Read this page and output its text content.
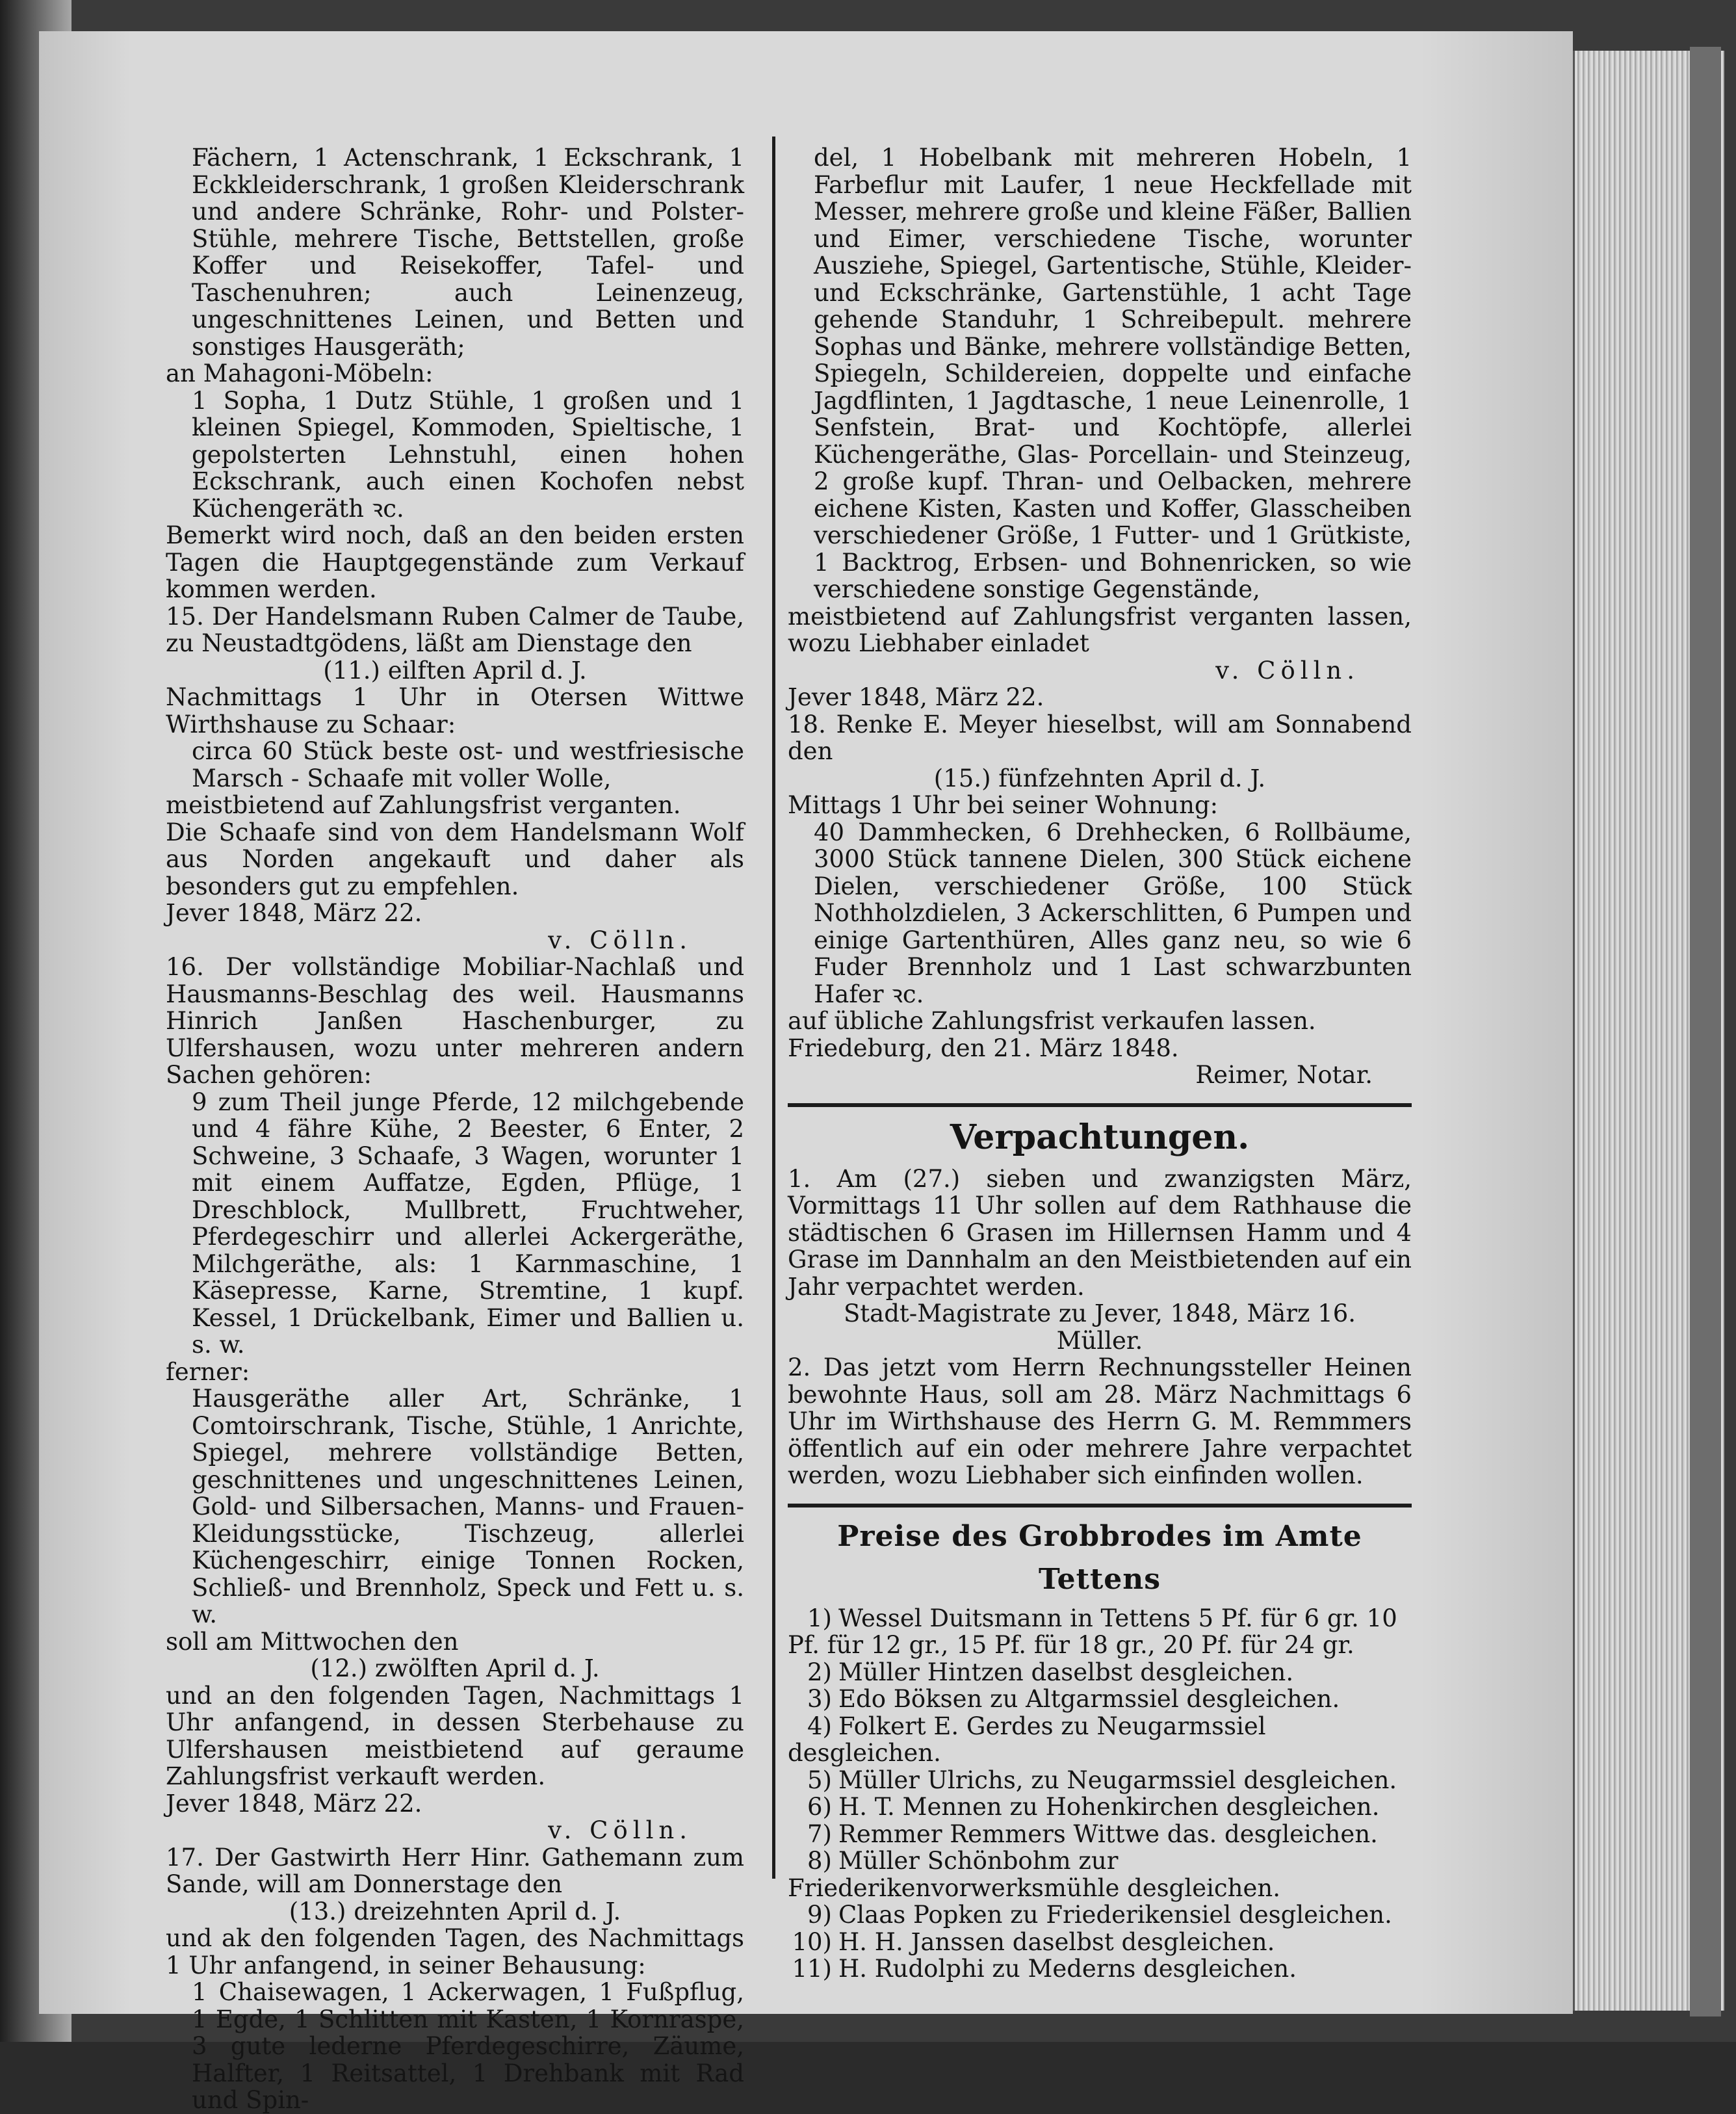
Fächern, 1 Actenschrank, 1 Eckschrank, 1 Eckkleiderschrank, 1 großen Kleiderschrank und andere Schränke, Rohr- und Polster-Stühle, mehrere Tische, Bettstellen, große Koffer und Reisekoffer, Tafel- und Taschenuhren; auch Leinenzeug, ungeschnittenes Leinen, und Betten und sonstiges Hausgeräth;

an Mahagoni-Möbeln:

1 Sopha, 1 Dutz Stühle, 1 großen und 1 kleinen Spiegel, Kommoden, Spieltische, 1 gepolsterten Lehnstuhl, einen hohen Eckschrank, auch einen Kochofen nebst Küchengeräth ꝛc.

Bemerkt wird noch, daß an den beiden ersten Tagen die Hauptgegenstände zum Verkauf kommen werden.

15. Der Handelsmann Ruben Calmer de Taube, zu Neustadtgödens, läßt am Dienstage den

(11.) eilften April d. J.

Nachmittags 1 Uhr in Otersen Wittwe Wirthshause zu Schaar:

circa 60 Stück beste ost- und westfriesische Marsch - Schaafe mit voller Wolle,

meistbietend auf Zahlungsfrist verganten.

Die Schaafe sind von dem Handelsmann Wolf aus Norden angekauft und daher als besonders gut zu empfehlen.

Jever 1848, März 22.

v. Cölln.

16. Der vollständige Mobiliar-Nachlaß und Hausmanns-Beschlag des weil. Hausmanns Hinrich Janßen Haschenburger, zu Ulfershausen, wozu unter mehreren andern Sachen gehören:

9 zum Theil junge Pferde, 12 milchgebende und 4 fähre Kühe, 2 Beester, 6 Enter, 2 Schweine, 3 Schaafe, 3 Wagen, worunter 1 mit einem Auffatze, Egden, Pflüge, 1 Dreschblock, Mullbrett, Fruchtweher, Pferdegeschirr und allerlei Ackergeräthe, Milchgeräthe, als: 1 Karnmaschine, 1 Käsepresse, Karne, Stremtine, 1 kupf. Kessel, 1 Drückelbank, Eimer und Ballien u. s. w.

ferner:

Hausgeräthe aller Art, Schränke, 1 Comtoirschrank, Tische, Stühle, 1 Anrichte, Spiegel, mehrere vollständige Betten, geschnittenes und ungeschnittenes Leinen, Gold- und Silbersachen, Manns- und Frauen-Kleidungsstücke, Tischzeug, allerlei Küchengeschirr, einige Tonnen Rocken, Schließ- und Brennholz, Speck und Fett u. s. w.

soll am Mittwochen den

(12.) zwölften April d. J.

und an den folgenden Tagen, Nachmittags 1 Uhr anfangend, in dessen Sterbehause zu Ulfershausen meistbietend auf geraume Zahlungsfrist verkauft werden.

Jever 1848, März 22.

v. Cölln.

17. Der Gastwirth Herr Hinr. Gathemann zum Sande, will am Donnerstage den

(13.) dreizehnten April d. J.

und ak den folgenden Tagen, des Nachmittags 1 Uhr anfangend, in seiner Behausung:

1 Chaisewagen, 1 Ackerwagen, 1 Fußpflug, 1 Egde, 1 Schlitten mit Kasten, 1 Kornraspe, 3 gute lederne Pferdegeschirre, Zäume, Halfter, 1 Reitsattel, 1 Drehbank mit Rad und Spin-

del, 1 Hobelbank mit mehreren Hobeln, 1 Farbeflur mit Laufer, 1 neue Heckfellade mit Messer, mehrere große und kleine Fäßer, Ballien und Eimer, verschiedene Tische, worunter Ausziehe, Spiegel, Gartentische, Stühle, Kleider- und Eckschränke, Gartenstühle, 1 acht Tage gehende Standuhr, 1 Schreibepult. mehrere Sophas und Bänke, mehrere vollständige Betten, Spiegeln, Schildereien, doppelte und einfache Jagdflinten, 1 Jagdtasche, 1 neue Leinenrolle, 1 Senfstein, Brat- und Kochtöpfe, allerlei Küchengeräthe, Glas- Porcellain- und Steinzeug, 2 große kupf. Thran- und Oelbacken, mehrere eichene Kisten, Kasten und Koffer, Glasscheiben verschiedener Größe, 1 Futter- und 1 Grütkiste, 1 Backtrog, Erbsen- und Bohnenricken, so wie verschiedene sonstige Gegenstände,

meistbietend auf Zahlungsfrist verganten lassen, wozu Liebhaber einladet

v. Cölln.

Jever 1848, März 22.

18. Renke E. Meyer hieselbst, will am Sonnabend den

(15.) fünfzehnten April d. J.

Mittags 1 Uhr bei seiner Wohnung:

40 Dammhecken, 6 Drehhecken, 6 Rollbäume, 3000 Stück tannene Dielen, 300 Stück eichene Dielen, verschiedener Größe, 100 Stück Nothholzdielen, 3 Ackerschlitten, 6 Pumpen und einige Gartenthüren, Alles ganz neu, so wie 6 Fuder Brennholz und 1 Last schwarzbunten Hafer ꝛc.

auf übliche Zahlungsfrist verkaufen lassen.

Friedeburg, den 21. März 1848.

Reimer, Notar.

Verpachtungen.

1. Am (27.) sieben und zwanzigsten März, Vormittags 11 Uhr sollen auf dem Rathhause die städtischen 6 Grasen im Hillernsen Hamm und 4 Grase im Dannhalm an den Meistbietenden auf ein Jahr verpachtet werden.

Stadt-Magistrate zu Jever, 1848, März 16.

Müller.

2. Das jetzt vom Herrn Rechnungssteller Heinen bewohnte Haus, soll am 28. März Nachmittags 6 Uhr im Wirthshause des Herrn G. M. Remmmers öffentlich auf ein oder mehrere Jahre verpachtet werden, wozu Liebhaber sich einfinden wollen.

Preise des Grobbrodes im Amte Tettens
1) Wessel Duitsmann in Tettens 5 Pf. für 6 gr. 10 Pf. für 12 gr., 15 Pf. für 18 gr., 20 Pf. für 24 gr.
2) Müller Hintzen daselbst desgleichen.
3) Edo Böksen zu Altgarmssiel desgleichen.
4) Folkert E. Gerdes zu Neugarmssiel desgleichen.
5) Müller Ulrichs, zu Neugarmssiel desgleichen.
6) H. T. Mennen zu Hohenkirchen desgleichen.
7) Remmer Remmers Wittwe das. desgleichen.
8) Müller Schönbohm zur Friederikenvorwerksmühle desgleichen.
9) Claas Popken zu Friederikensiel desgleichen.
10) H. H. Janssen daselbst desgleichen.
11) H. Rudolphi zu Mederns desgleichen.
